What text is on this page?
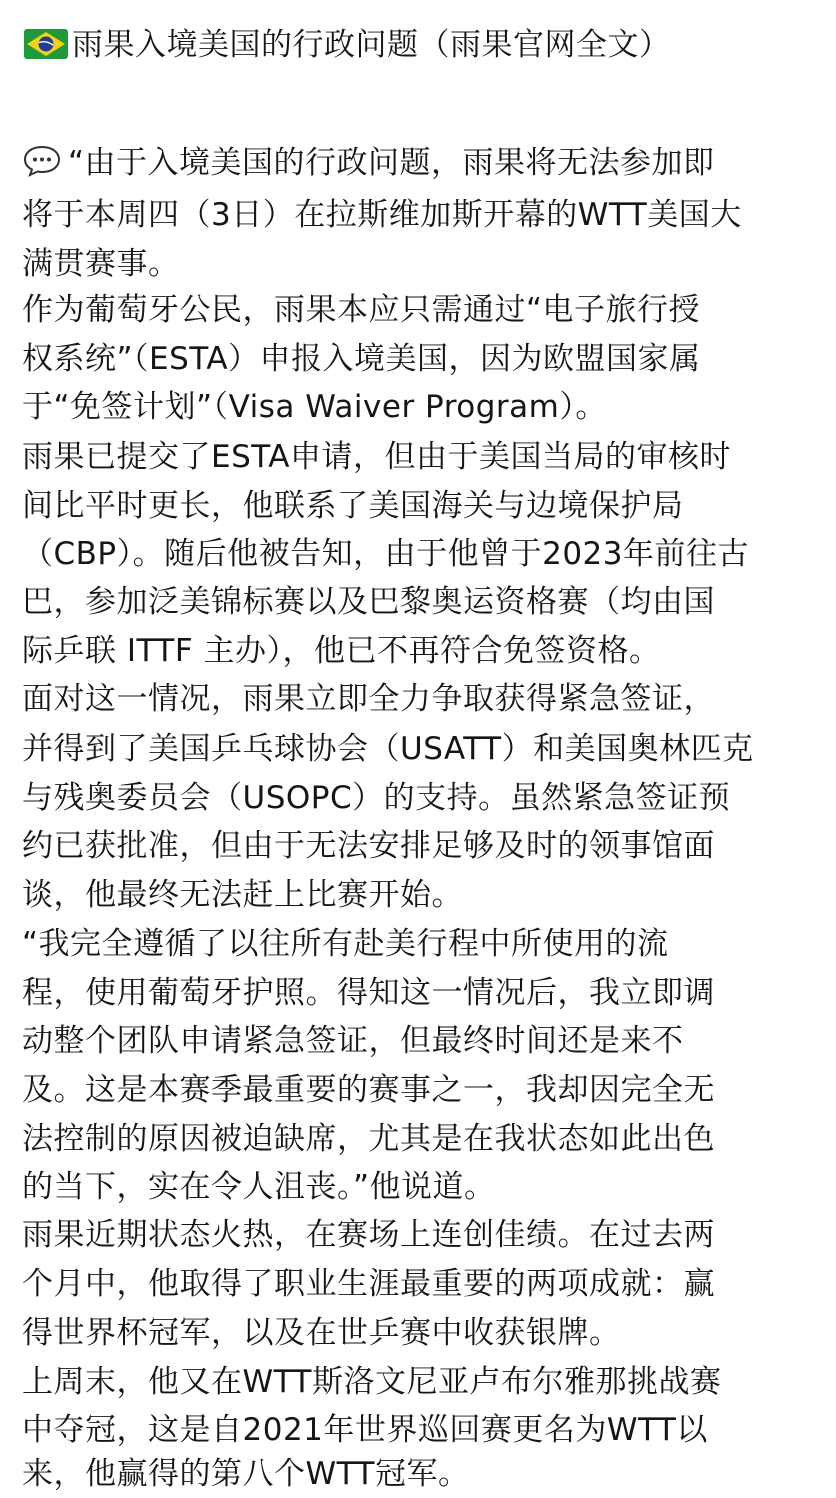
雨果入境美国的行政问题（雨果官网全文）
“由于入境美国的行政问题，雨果将无法参加即
将于本周四（3日）在拉斯维加斯开幕的WTT美国大
满贯赛事。
作为葡萄牙公民，雨果本应只需通过“电子旅行授
权系统”（ESTA）申报入境美国，因为欧盟国家属
于“免签计划”（Visa Waiver Program）。
雨果已提交了ESTA申请，但由于美国当局的审核时
间比平时更长，他联系了美国海关与边境保护局
（CBP）。随后他被告知，由于他曾于2023年前往古
巴，参加泛美锦标赛以及巴黎奥运资格赛（均由国
际乒联 ITTF 主办），他已不再符合免签资格。
面对这一情况，雨果立即全力争取获得紧急签证，
并得到了美国乒乓球协会（USATT）和美国奥林匹克
与残奥委员会（USOPC）的支持。虽然紧急签证预
约已获批准，但由于无法安排足够及时的领事馆面
谈，他最终无法赶上比赛开始。
“我完全遵循了以往所有赴美行程中所使用的流
程，使用葡萄牙护照。得知这一情况后，我立即调
动整个团队申请紧急签证，但最终时间还是来不
及。这是本赛季最重要的赛事之一，我却因完全无
法控制的原因被迫缺席，尤其是在我状态如此出色
的当下，实在令人沮丧。”他说道。
雨果近期状态火热，在赛场上连创佳绩。在过去两
个月中，他取得了职业生涯最重要的两项成就：赢
得世界杯冠军，以及在世乒赛中收获银牌。
上周末，他又在WTT斯洛文尼亚卢布尔雅那挑战赛
中夺冠，这是自2021年世界巡回赛更名为WTT以
来，他赢得的第八个WTT冠军。
